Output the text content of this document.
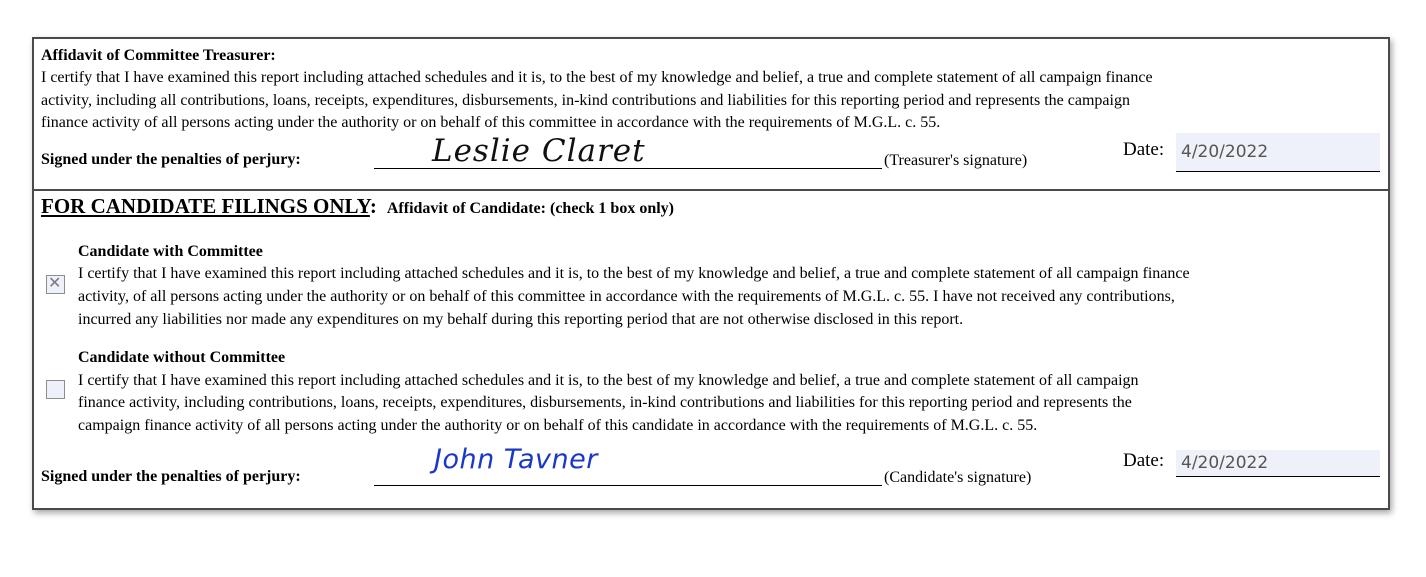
Affidavit of Committee Treasurer:
I certify that I have examined this report including attached schedules and it is, to the best of my knowledge and belief, a true and complete statement of all campaign finance
activity, including all contributions, loans, receipts, expenditures, disbursements, in-kind contributions and liabilities for this reporting period and represents the campaign
finance activity of all persons acting under the authority or on behalf of this committee in accordance with the requirements of M.G.L. c. 55.
Signed under the penalties of perjury:	Leslie Claret	(Treasurer's signature)
Date: 4/20/2022
FOR CANDIDATE FILINGS ONLY: Affidavit of Candidate: (check 1 box only)
Candidate with Committee
✕ I certify that I have examined this report including attached schedules and it is, to the best of my knowledge and belief, a true and complete statement of all campaign finance
activity, of all persons acting under the authority or on behalf of this committee in accordance with the requirements of M.G.L. c. 55. I have not received any contributions,
incurred any liabilities nor made any expenditures on my behalf during this reporting period that are not otherwise disclosed in this report.
Candidate without Committee
I certify that I have examined this report including attached schedules and it is, to the best of my knowledge and belief, a true and complete statement of all campaign
finance activity, including contributions, loans, receipts, expenditures, disbursements, in-kind contributions and liabilities for this reporting period and represents the
campaign finance activity of all persons acting under the authority or on behalf of this candidate in accordance with the requirements of M.G.L. c. 55.
Signed under the penalties of perjury:
John Tavner
(Candidate's signature)
Date: 4/20/2022
